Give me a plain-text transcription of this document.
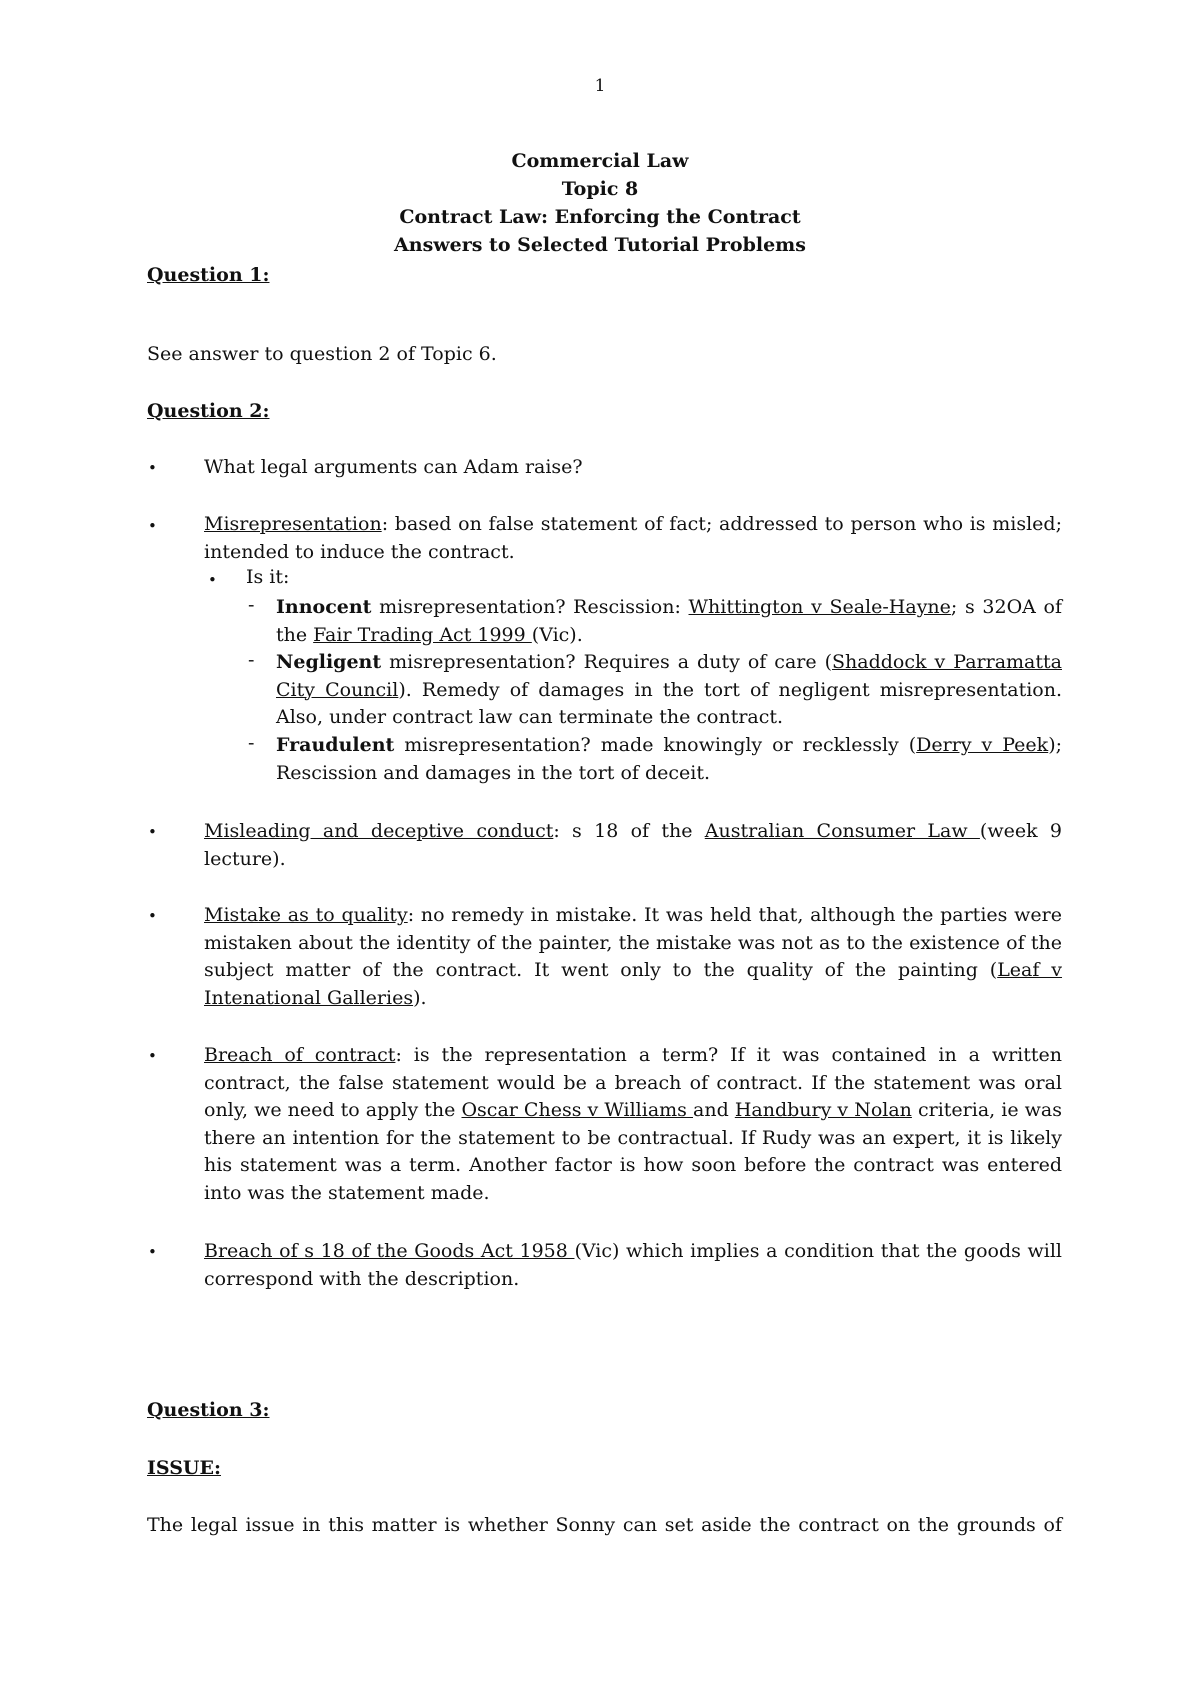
1
Commercial Law
Topic 8
Contract Law: Enforcing the Contract
Answers to Selected Tutorial Problems
Question 1:
See answer to question 2 of Topic 6.
Question 2:
• What legal arguments can Adam raise?
• Misrepresentation: based on false statement of fact; addressed to person who is misled; intended to induce the contract.

• Is it:
- Innocent misrepresentation? Rescission: Whittington v Seale-Hayne; s 32OA of the Fair Trading Act 1999 (Vic).

- Negligent misrepresentation? Requires a duty of care (Shaddock v Parramatta City Council). Remedy of damages in the tort of negligent misrepresentation. Also, under contract law can terminate the contract.

- Fraudulent misrepresentation? made knowingly or recklessly (Derry v Peek); Rescission and damages in the tort of deceit.

• Misleading and deceptive conduct: s 18 of the Australian Consumer Law (week 9 lecture).

• Mistake as to quality: no remedy in mistake. It was held that, although the parties were mistaken about the identity of the painter, the mistake was not as to the existence of the subject matter of the contract. It went only to the quality of the painting (Leaf v Intenational Galleries).

• Breach of contract: is the representation a term? If it was contained in a written contract, the false statement would be a breach of contract. If the statement was oral only, we need to apply the Oscar Chess v Williams and Handbury v Nolan criteria, ie was there an intention for the statement to be contractual. If Rudy was an expert, it is likely his statement was a term. Another factor is how soon before the contract was entered into was the statement made.

• Breach of s 18 of the Goods Act 1958 (Vic) which implies a condition that the goods will correspond with the description.

Question 3:
ISSUE:
The legal issue in this matter is whether Sonny can set aside the contract on the grounds of
